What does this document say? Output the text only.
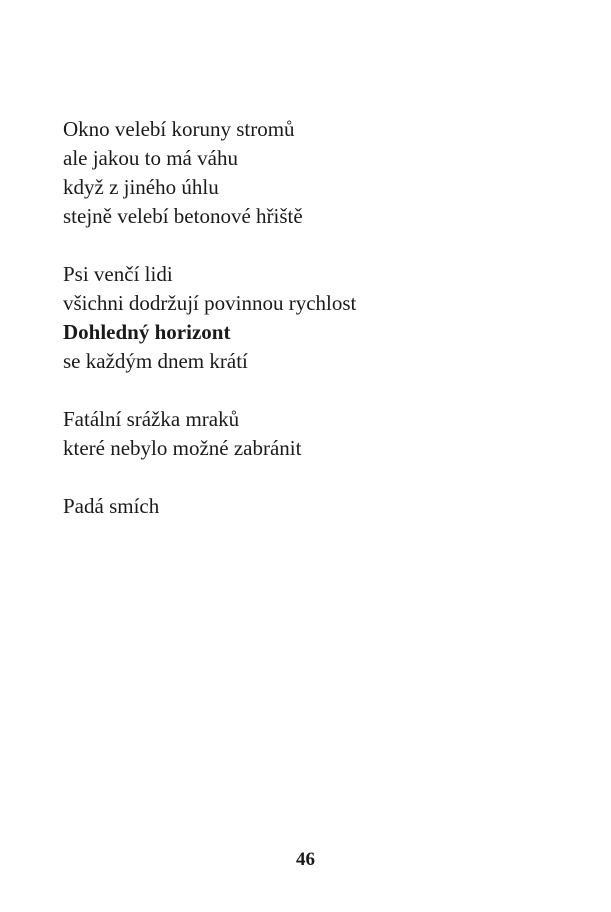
Okno velebí koruny stromů
ale jakou to má váhu
když z jiného úhlu
stejně velebí betonové hřiště
Psi venčí lidi
všichni dodržují povinnou rychlost
Dohledný horizont
se každým dnem krátí
Fatální srážka mraků
které nebylo možné zabránit
Padá smích
46
